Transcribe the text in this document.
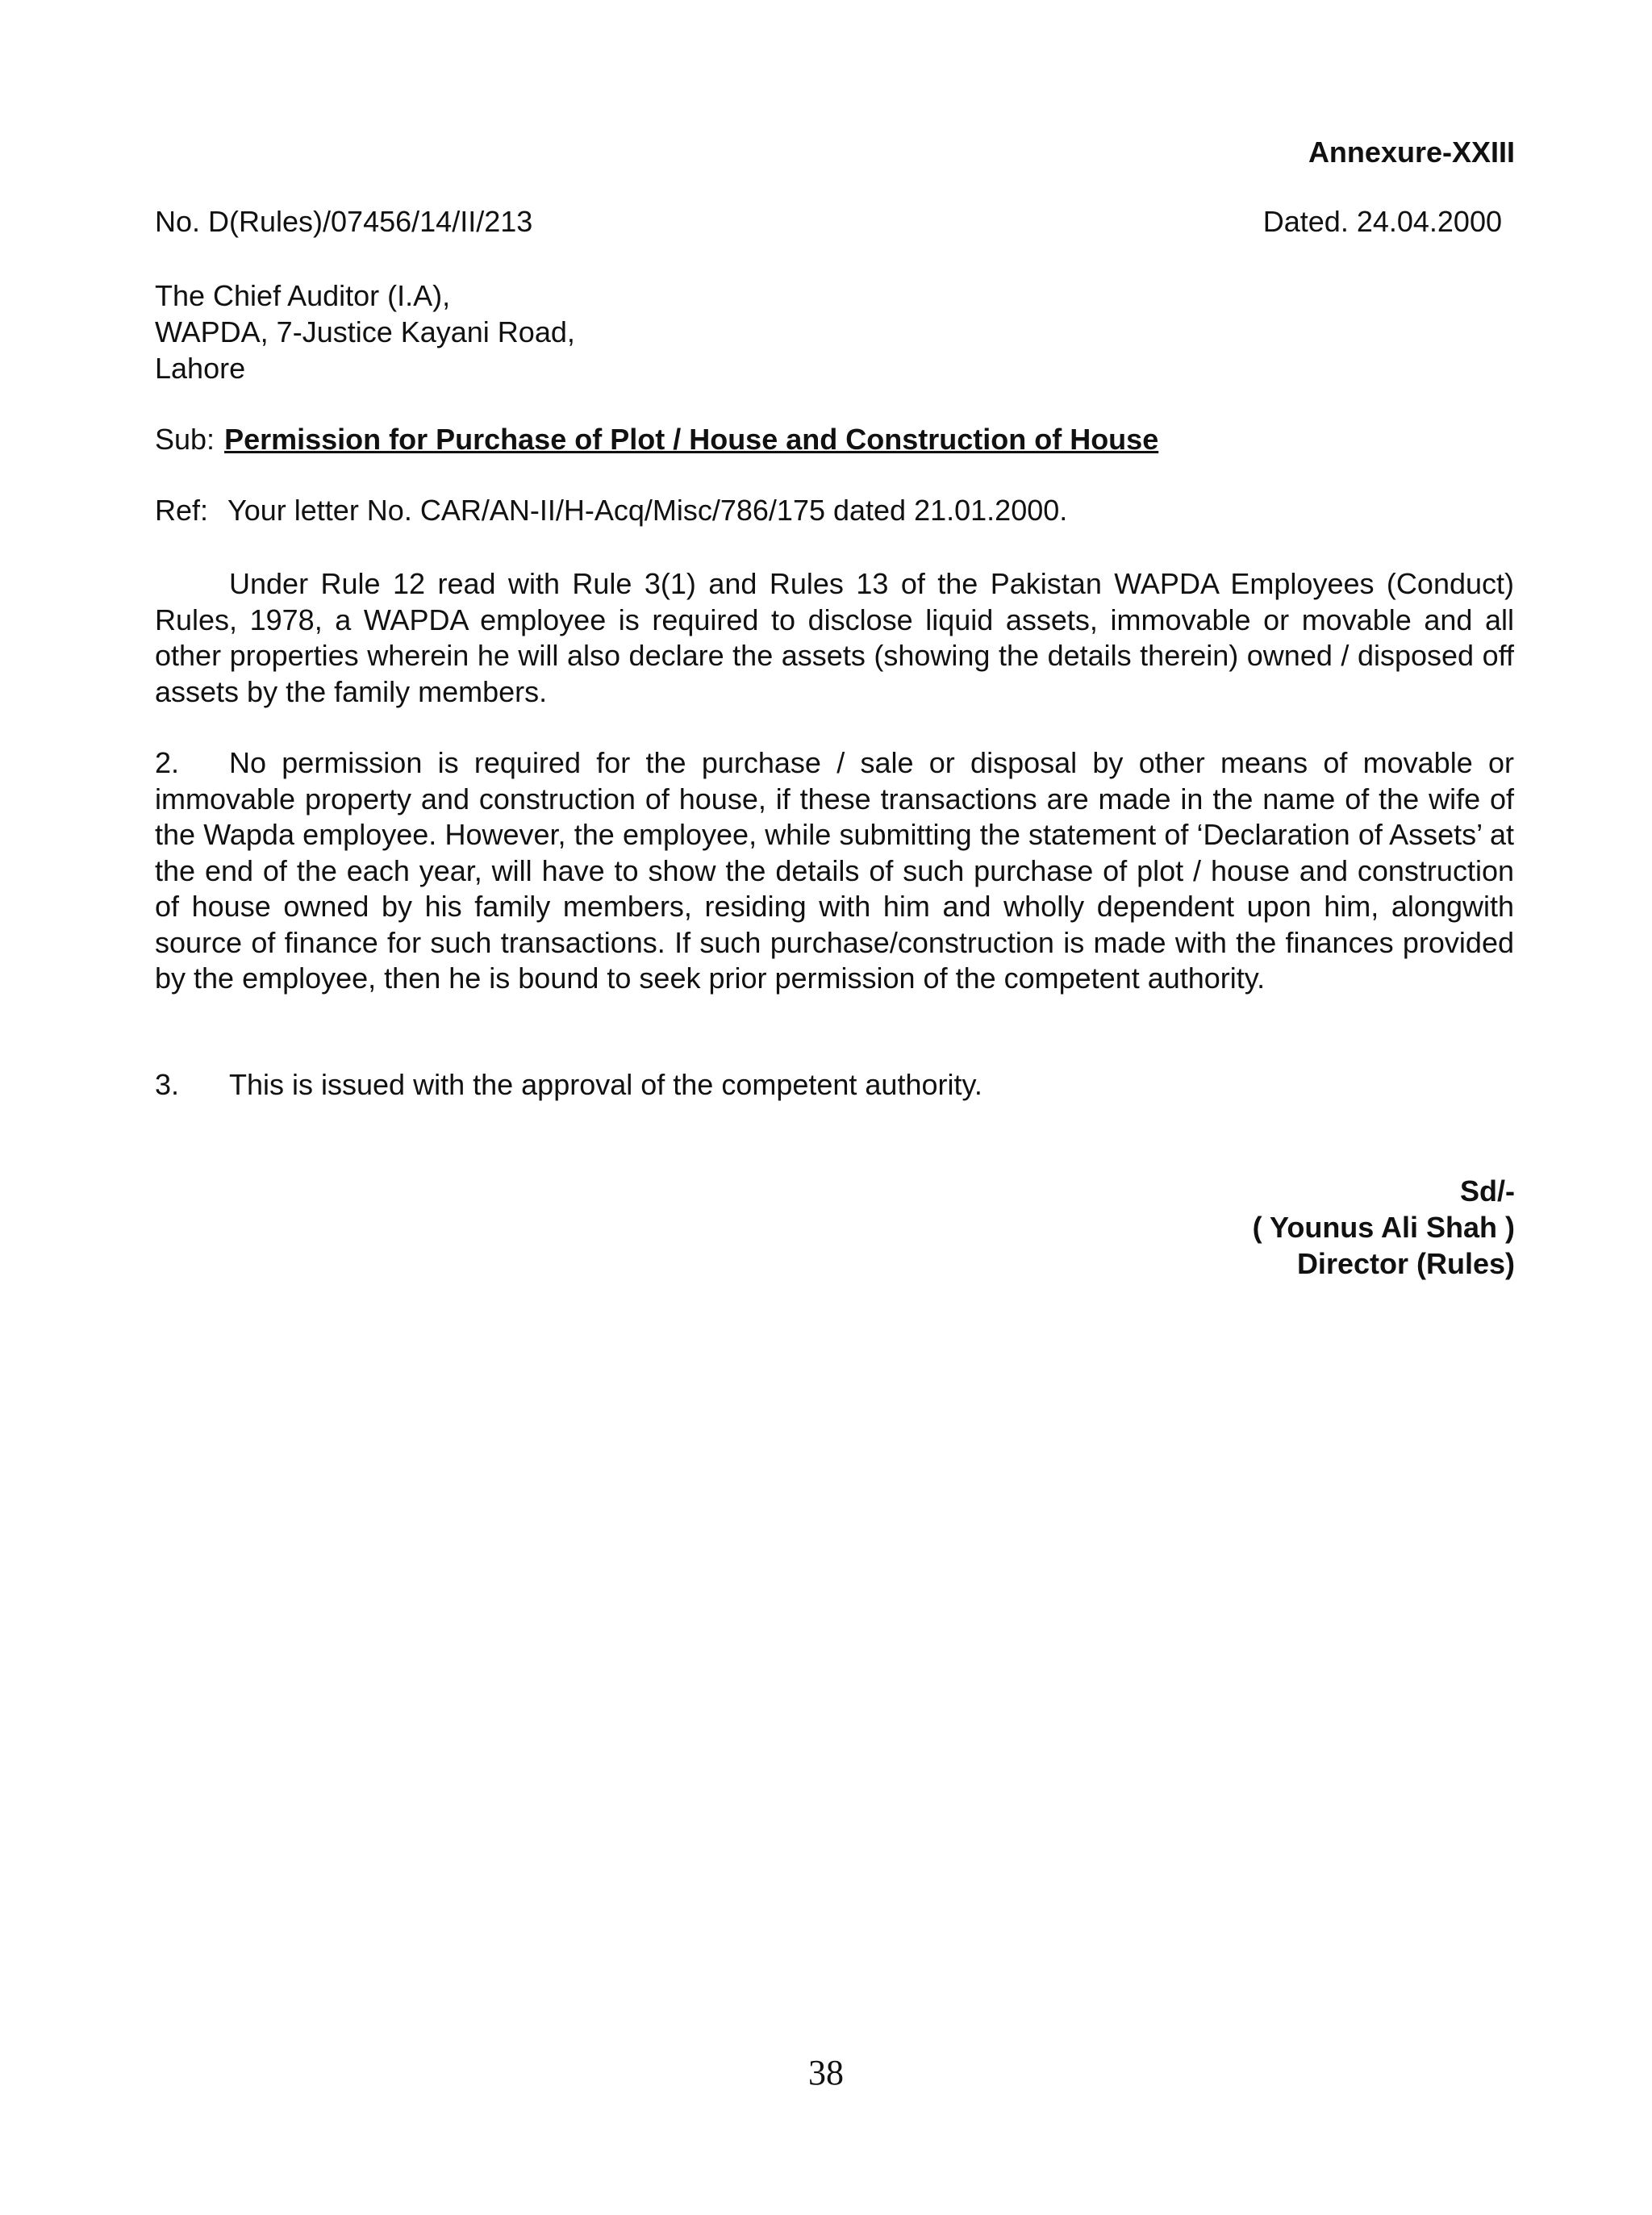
Annexure-XXIII
No. D(Rules)/07456/14/II/213	Dated. 24.04.2000
The Chief Auditor (I.A),
WAPDA, 7-Justice Kayani Road,
Lahore
Sub: Permission for Purchase of Plot / House and Construction of House
Ref: Your letter No. CAR/AN-II/H-Acq/Misc/786/175 dated 21.01.2000.

Under Rule 12 read with Rule 3(1) and Rules 13 of the Pakistan WAPDA Employees (Conduct) Rules, 1978, a WAPDA employee is required to disclose liquid assets, immovable or movable and all other properties wherein he will also declare the assets (showing the details therein) owned / disposed off assets by the family members.

2. No permission is required for the purchase / sale or disposal by other means of movable or immovable property and construction of house, if these transactions are made in the name of the wife of the Wapda employee. However, the employee, while submitting the statement of ‘Declaration of Assets’ at the end of the each year, will have to show the details of such purchase of plot / house and construction of house owned by his family members, residing with him and wholly dependent upon him, alongwith source of finance for such transactions. If such purchase/construction is made with the finances provided by the employee, then he is bound to seek prior permission of the competent authority.

3. This is issued with the approval of the competent authority.

Sd/-
( Younus Ali Shah )
Director (Rules)
38
